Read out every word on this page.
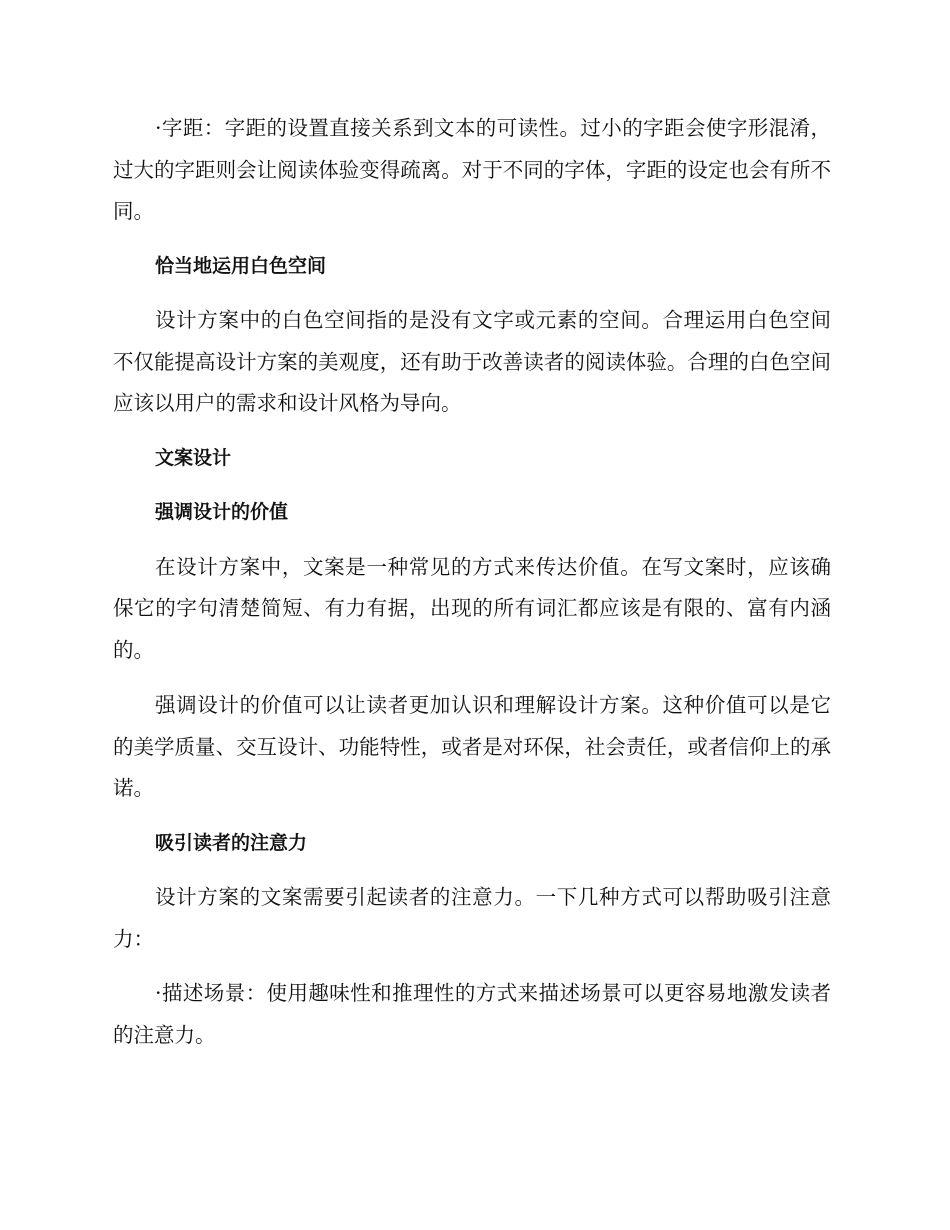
·字距：字距的设置直接关系到文本的可读性。过小的字距会使字形混淆，过大的字距则会让阅读体验变得疏离。对于不同的字体，字距的设定也会有所不同。

恰当地运用白色空间

设计方案中的白色空间指的是没有文字或元素的空间。合理运用白色空间不仅能提高设计方案的美观度，还有助于改善读者的阅读体验。合理的白色空间应该以用户的需求和设计风格为导向。

文案设计
强调设计的价值

在设计方案中，文案是一种常见的方式来传达价值。在写文案时，应该确保它的字句清楚简短、有力有据，出现的所有词汇都应该是有限的、富有内涵的。

强调设计的价值可以让读者更加认识和理解设计方案。这种价值可以是它的美学质量、交互设计、功能特性，或者是对环保，社会责任，或者信仰上的承诺。

吸引读者的注意力

设计方案的文案需要引起读者的注意力。一下几种方式可以帮助吸引注意力：

·描述场景：使用趣味性和推理性的方式来描述场景可以更容易地激发读者的注意力。
